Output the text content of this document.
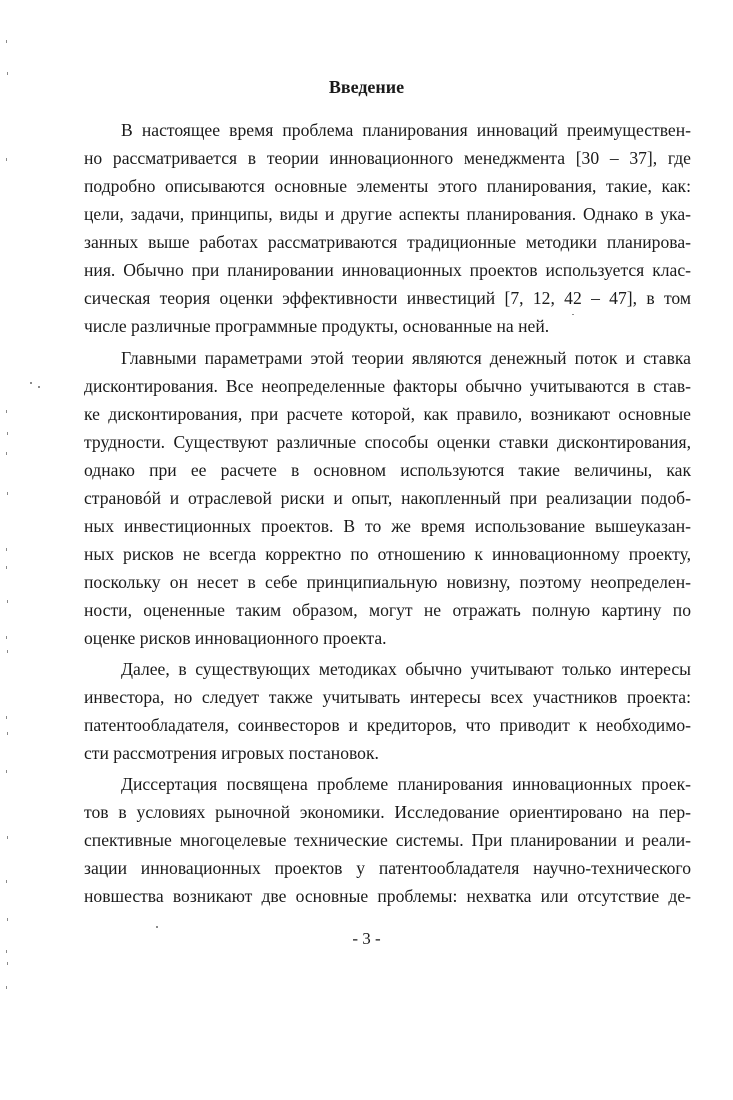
Введение

В настоящее время проблема планирования инноваций преимуществен-

но рассматривается в теории инновационного менеджмента [30 – 37], где

подробно описываются основные элементы этого планирования, такие, как:

цели, задачи, принципы, виды и другие аспекты планирования. Однако в ука-

занных выше работах рассматриваются традиционные методики планирова-

ния. Обычно при планировании инновационных проектов используется клас-

сическая теория оценки эффективности инвестиций [7, 12, 42 – 47], в том

числе различные программные продукты, основанные на ней.

Главными параметрами этой теории являются денежный поток и ставка

дисконтирования. Все неопределенные факторы обычно учитываются в став-

ке дисконтирования, при расчете которой, как правило, возникают основные

трудности. Существуют различные способы оценки ставки дисконтирования,

однако при ее расчете в основном используются такие величины, как

страновóй и отраслевой риски и опыт, накопленный при реализации подоб-

ных инвестиционных проектов. В то же время использование вышеуказан-

ных рисков не всегда корректно по отношению к инновационному проекту,

поскольку он несет в себе принципиальную новизну, поэтому неопределен-

ности, оцененные таким образом, могут не отражать полную картину по

оценке рисков инновационного проекта.

Далее, в существующих методиках обычно учитывают только интересы

инвестора, но следует также учитывать интересы всех участников проекта:

патентообладателя, соинвесторов и кредиторов, что приводит к необходимо-

сти рассмотрения игровых постановок.

Диссертация посвящена проблеме планирования инновационных проек-

тов в условиях рыночной экономики. Исследование ориентировано на пер-

спективные многоцелевые технические системы. При планировании и реали-

зации инновационных проектов у патентообладателя научно-технического

новшества возникают две основные проблемы: нехватка или отсутствие де-

- 3 -
